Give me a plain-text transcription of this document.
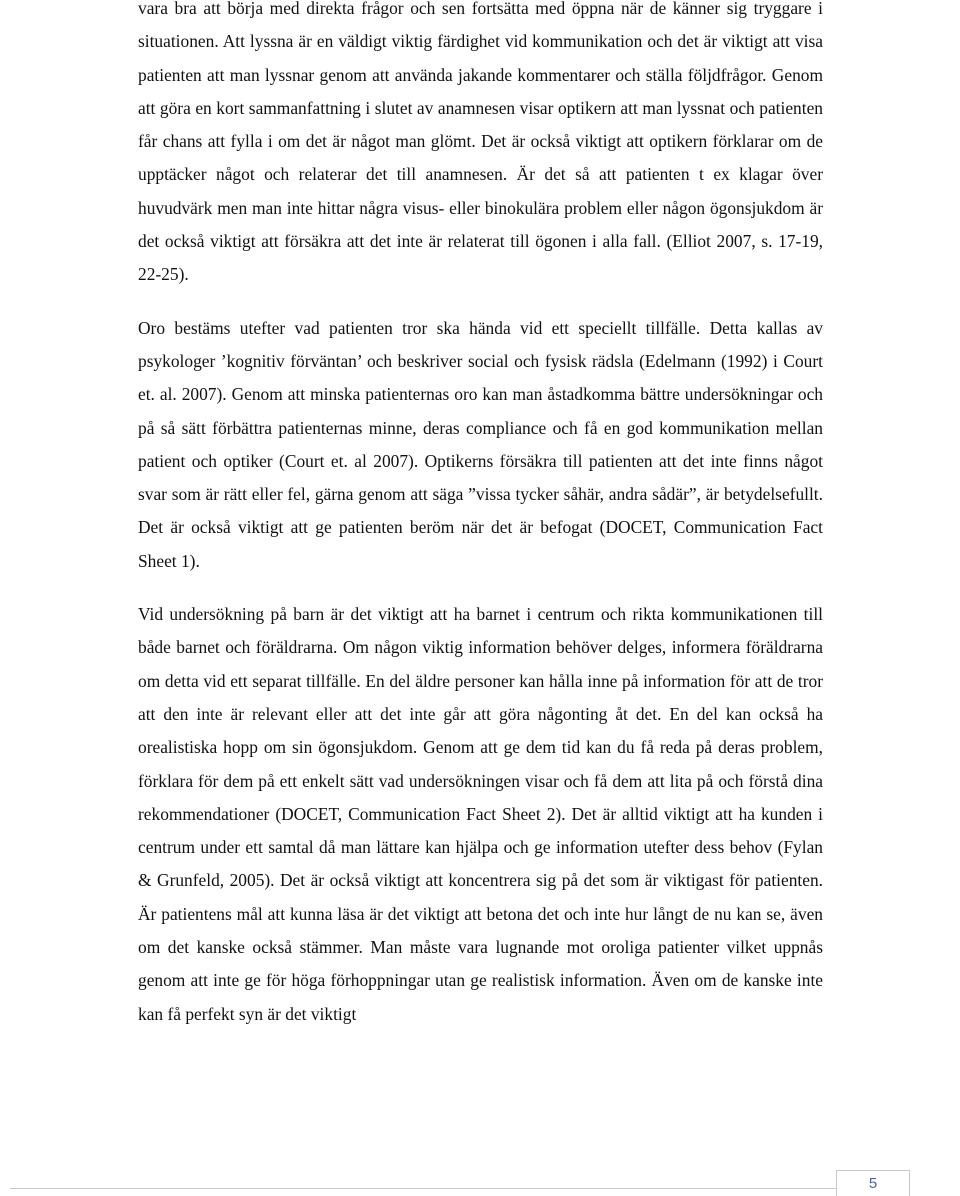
vara bra att börja med direkta frågor och sen fortsätta med öppna när de känner sig tryggare i situationen. Att lyssna är en väldigt viktig färdighet vid kommunikation och det är viktigt att visa patienten att man lyssnar genom att använda jakande kommentarer och ställa följdfrågor. Genom att göra en kort sammanfattning i slutet av anamnesen visar optikern att man lyssnat och patienten får chans att fylla i om det är något man glömt. Det är också viktigt att optikern förklarar om de upptäcker något och relaterar det till anamnesen. Är det så att patienten t ex klagar över huvudvärk men man inte hittar några visus- eller binokulära problem eller någon ögonsjukdom är det också viktigt att försäkra att det inte är relaterat till ögonen i alla fall. (Elliot 2007, s. 17-19, 22-25).

Oro bestäms utefter vad patienten tror ska hända vid ett speciellt tillfälle. Detta kallas av psykologer ’kognitiv förväntan’ och beskriver social och fysisk rädsla (Edelmann (1992) i Court et. al. 2007). Genom att minska patienternas oro kan man åstadkomma bättre undersökningar och på så sätt förbättra patienternas minne, deras compliance och få en god kommunikation mellan patient och optiker (Court et. al 2007). Optikerns försäkra till patienten att det inte finns något svar som är rätt eller fel, gärna genom att säga ”vissa tycker såhär, andra sådär”, är betydelsefullt. Det är också viktigt att ge patienten beröm när det är befogat (DOCET, Communication Fact Sheet 1).

Vid undersökning på barn är det viktigt att ha barnet i centrum och rikta kommunikationen till både barnet och föräldrarna. Om någon viktig information behöver delges, informera föräldrarna om detta vid ett separat tillfälle. En del äldre personer kan hålla inne på information för att de tror att den inte är relevant eller att det inte går att göra någonting åt det. En del kan också ha orealistiska hopp om sin ögonsjukdom. Genom att ge dem tid kan du få reda på deras problem, förklara för dem på ett enkelt sätt vad undersökningen visar och få dem att lita på och förstå dina rekommendationer (DOCET, Communication Fact Sheet 2). Det är alltid viktigt att ha kunden i centrum under ett samtal då man lättare kan hjälpa och ge information utefter dess behov (Fylan & Grunfeld, 2005). Det är också viktigt att koncentrera sig på det som är viktigast för patienten. Är patientens mål att kunna läsa är det viktigt att betona det och inte hur långt de nu kan se, även om det kanske också stämmer. Man måste vara lugnande mot oroliga patienter vilket uppnås genom att inte ge för höga förhoppningar utan ge realistisk information. Även om de kanske inte kan få perfekt syn är det viktigt

5
